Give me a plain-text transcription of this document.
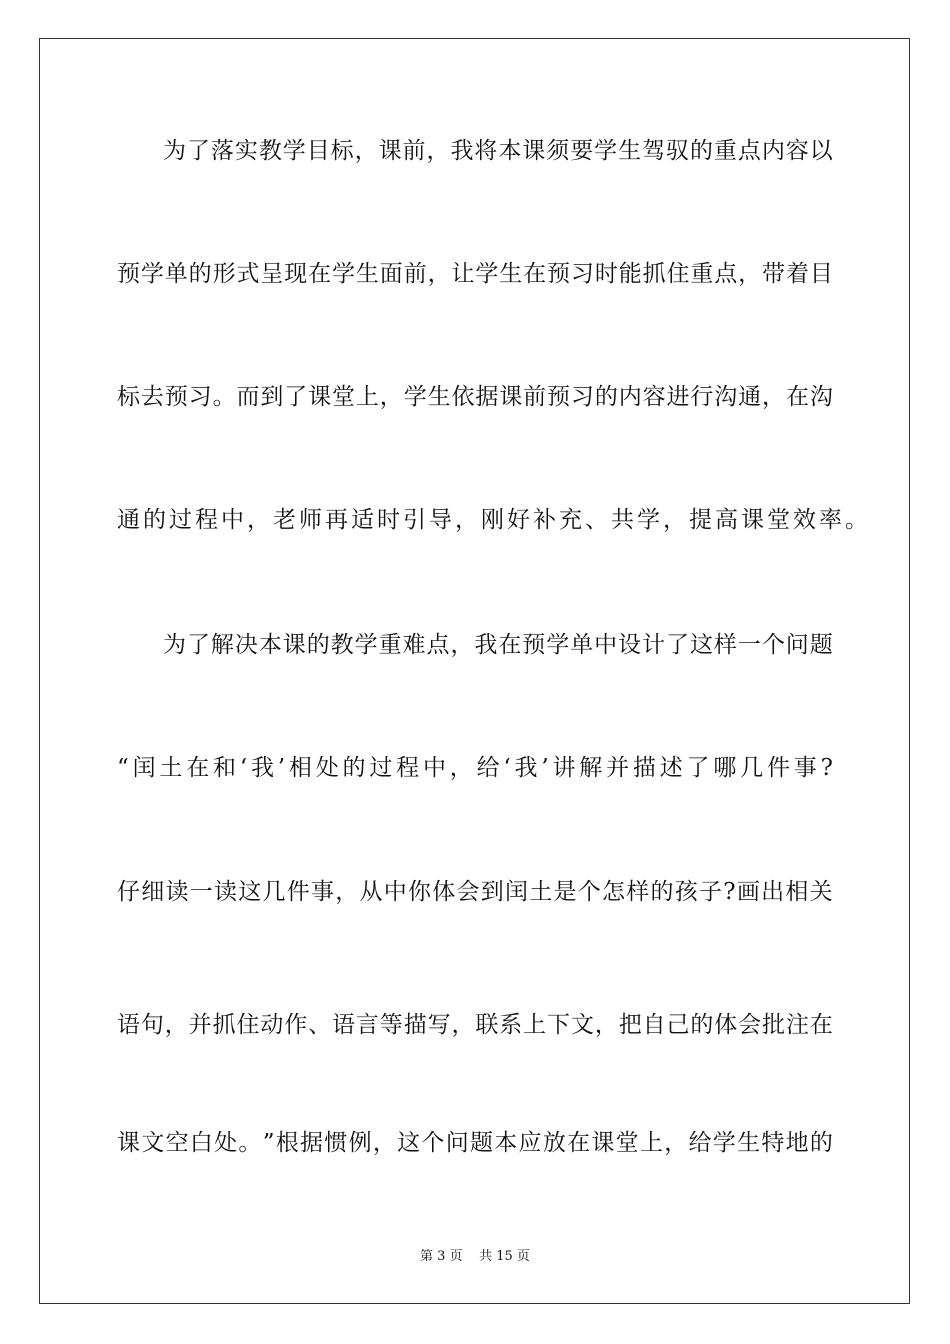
为 了 落 实 教 学 目 标 ， 课 前 ， 我 将 本 课 须 要 学 生 驾 驭 的 重 点 内 容 以
预 学 单 的 形 式 呈 现 在 学 生 面 前 ， 让 学 生 在 预 习 时 能 抓 住 重 点 ， 带 着 目
标 去 预 习 。 而 到 了 课 堂 上 ， 学 生 依 据 课 前 预 习 的 内 容 进 行 沟 通 ， 在 沟
通的过程中，老师再适时引导，刚好补充、共学，提高课堂效率。
为 了 解 决 本 课 的 教 学 重 难 点 ， 我 在 预 学 单 中 设 计 了 这 样 一 个 问 题
“ 闰 土 在 和 ‘ 我 ’ 相 处 的 过 程 中 ， 给 ‘ 我 ’ 讲 解 并 描 述 了 哪 几 件 事 ?
仔 细 读 一 读 这 几 件 事 ， 从 中 你 体 会 到 闰 土 是 个 怎 样 的 孩 子 ? 画 出 相 关
语 句 ， 并 抓 住 动 作 、 语 言 等 描 写 ， 联 系 上 下 文 ， 把 自 己 的 体 会 批 注 在
课 文 空 白 处 。 ” 根 据 惯 例 ， 这 个 问 题 本 应 放 在 课 堂 上 ， 给 学 生 特 地 的
第 3 页 共 15 页
